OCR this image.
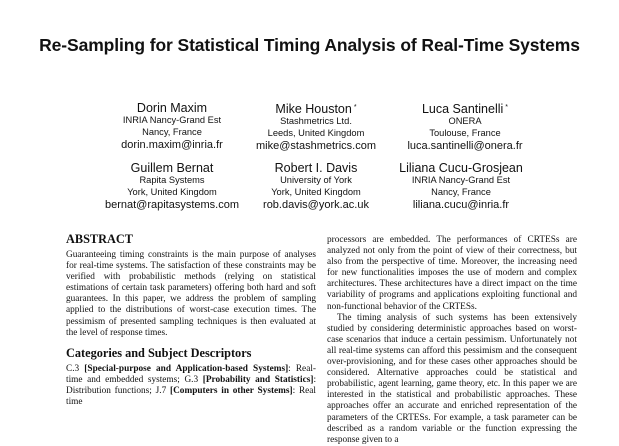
Re-Sampling for Statistical Timing Analysis of Real-Time Systems
Dorin Maxim
INRIA Nancy-Grand Est
Nancy, France
dorin.maxim@inria.fr
Mike Houston *
Stashmetrics Ltd.
Leeds, United Kingdom
mike@stashmetrics.com
Luca Santinelli *
ONERA
Toulouse, France
luca.santinelli@onera.fr
Guillem Bernat
Rapita Systems
York, United Kingdom
bernat@rapitasystems.com
Robert I. Davis
University of York
York, United Kingdom
rob.davis@york.ac.uk
Liliana Cucu-Grosjean
INRIA Nancy-Grand Est
Nancy, France
liliana.cucu@inria.fr
ABSTRACT

Guaranteeing timing constraints is the main purpose of analyses for real-time systems. The satisfaction of these constraints may be verified with probabilistic methods (relying on statistical estimations of certain task parameters) offering both hard and soft guarantees. In this paper, we address the problem of sampling applied to the distributions of worst-case execution times. The pessimism of presented sampling techniques is then evaluated at the level of response times.

Categories and Subject Descriptors

C.3 [Special-purpose and Application-based Systems]: Real-time and embedded systems; G.3 [Probability and Statistics]: Distribution functions; J.7 [Computers in other Systems]: Real time

processors are embedded. The performances of CRTESs are analyzed not only from the point of view of their correctness, but also from the perspective of time. Moreover, the increasing need for new functionalities imposes the use of modern and complex architectures. These architectures have a direct impact on the time variability of programs and applications exploiting functional and non-functional behavior of the CRTESs.

The timing analysis of such systems has been extensively studied by considering deterministic approaches based on worst-case scenarios that induce a certain pessimism. Unfortunately not all real-time systems can afford this pessimism and the consequent over-provisioning, and for these cases other approaches should be considered. Alternative approaches could be statistical and probabilistic, agent learning, game theory, etc. In this paper we are interested in the statistical and probabilistic approaches. These approaches offer an accurate and enriched representation of the parameters of the CRTESs. For example, a task parameter can be described as a random variable or the function expressing the response given to a
